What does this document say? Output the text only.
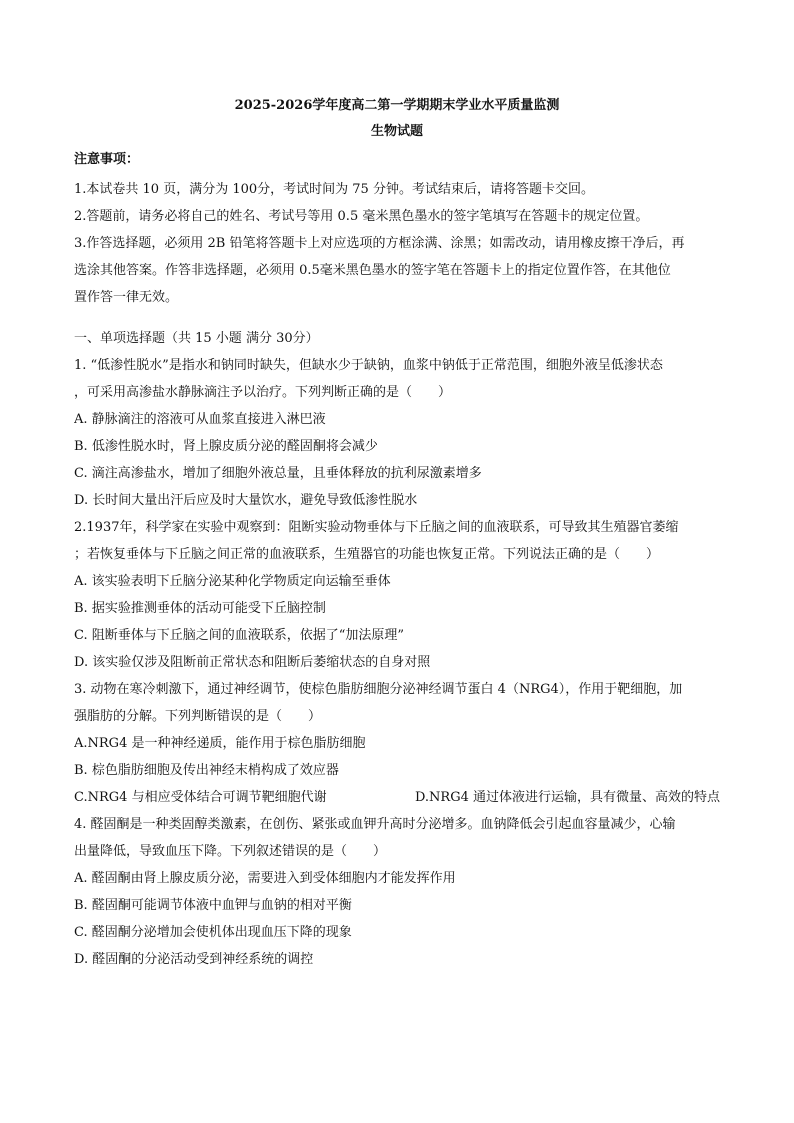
2025-2026学年度高二第一学期期末学业水平质量监测

生物试题

注意事项：

1.本试卷共 10 页，满分为 100分，考试时间为 75 分钟。考试结束后，请将答题卡交回。

2.答题前，请务必将自己的姓名、考试号等用 0.5 毫米黑色墨水的签字笔填写在答题卡的规定位置。

3.作答选择题，必须用 2B 铅笔将答题卡上对应选项的方框涂满、涂黑；如需改动，请用橡皮擦干净后，再

选涂其他答案。作答非选择题，必须用 0.5毫米黑色墨水的签字笔在答题卡上的指定位置作答，在其他位

置作答一律无效。

一、单项选择题（共 15 小题 满分 30分）

1. “低渗性脱水”是指水和钠同时缺失，但缺水少于缺钠，血浆中钠低于正常范围，细胞外液呈低渗状态

，可采用高渗盐水静脉滴注予以治疗。下列判断正确的是（　　）

A. 静脉滴注的溶液可从血浆直接进入淋巴液

B. 低渗性脱水时，肾上腺皮质分泌的醛固酮将会减少

C. 滴注高渗盐水，增加了细胞外液总量，且垂体释放的抗利尿激素增多

D. 长时间大量出汗后应及时大量饮水，避免导致低渗性脱水

2.1937年，科学家在实验中观察到：阻断实验动物垂体与下丘脑之间的血液联系，可导致其生殖器官萎缩

；若恢复垂体与下丘脑之间正常的血液联系，生殖器官的功能也恢复正常。下列说法正确的是（　　）

A. 该实验表明下丘脑分泌某种化学物质定向运输至垂体

B. 据实验推测垂体的活动可能受下丘脑控制

C. 阻断垂体与下丘脑之间的血液联系，依据了“加法原理”

D. 该实验仅涉及阻断前正常状态和阻断后萎缩状态的自身对照

3. 动物在寒冷刺激下，通过神经调节，使棕色脂肪细胞分泌神经调节蛋白 4（NRG4），作用于靶细胞，加

强脂肪的分解。下列判断错误的是（　　）

A.NRG4 是一种神经递质，能作用于棕色脂肪细胞

B. 棕色脂肪细胞及传出神经末梢构成了效应器

C.NRG4 与相应受体结合可调节靶细胞代谢	D.NRG4 通过体液进行运输，具有微量、高效的特点

4. 醛固酮是一种类固醇类激素，在创伤、紧张或血钾升高时分泌增多。血钠降低会引起血容量减少，心输

出量降低，导致血压下降。下列叙述错误的是（　　）

A. 醛固酮由肾上腺皮质分泌，需要进入到受体细胞内才能发挥作用

B. 醛固酮可能调节体液中血钾与血钠的相对平衡

C. 醛固酮分泌增加会使机体出现血压下降的现象

D. 醛固酮的分泌活动受到神经系统的调控
